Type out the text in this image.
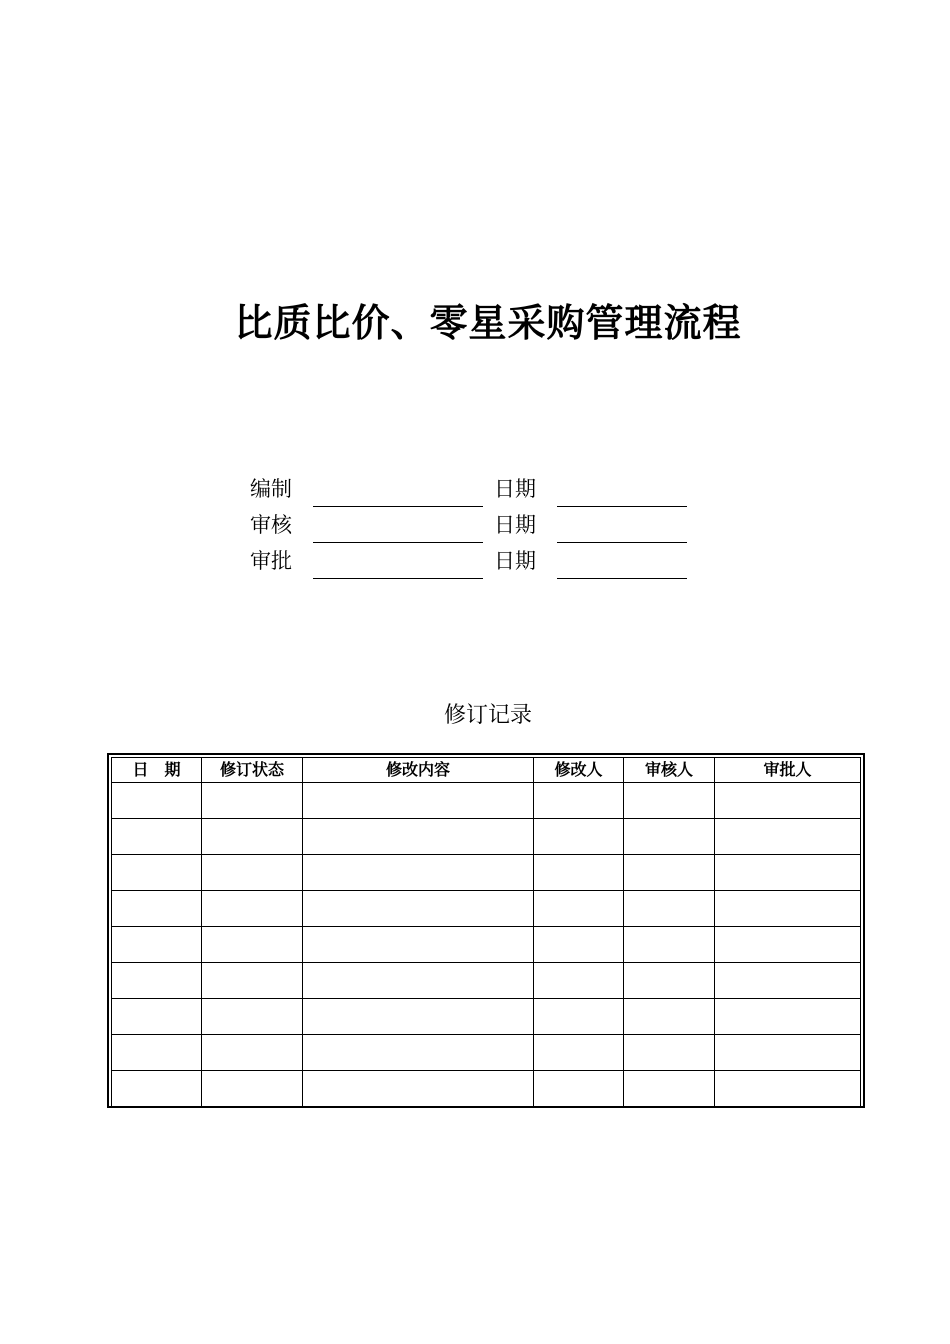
比质比价、零星采购管理流程
编制	日期
审核	日期
审批	日期
修订记录
日　期	修订状态	修改内容	修改人	审核人	审批人
